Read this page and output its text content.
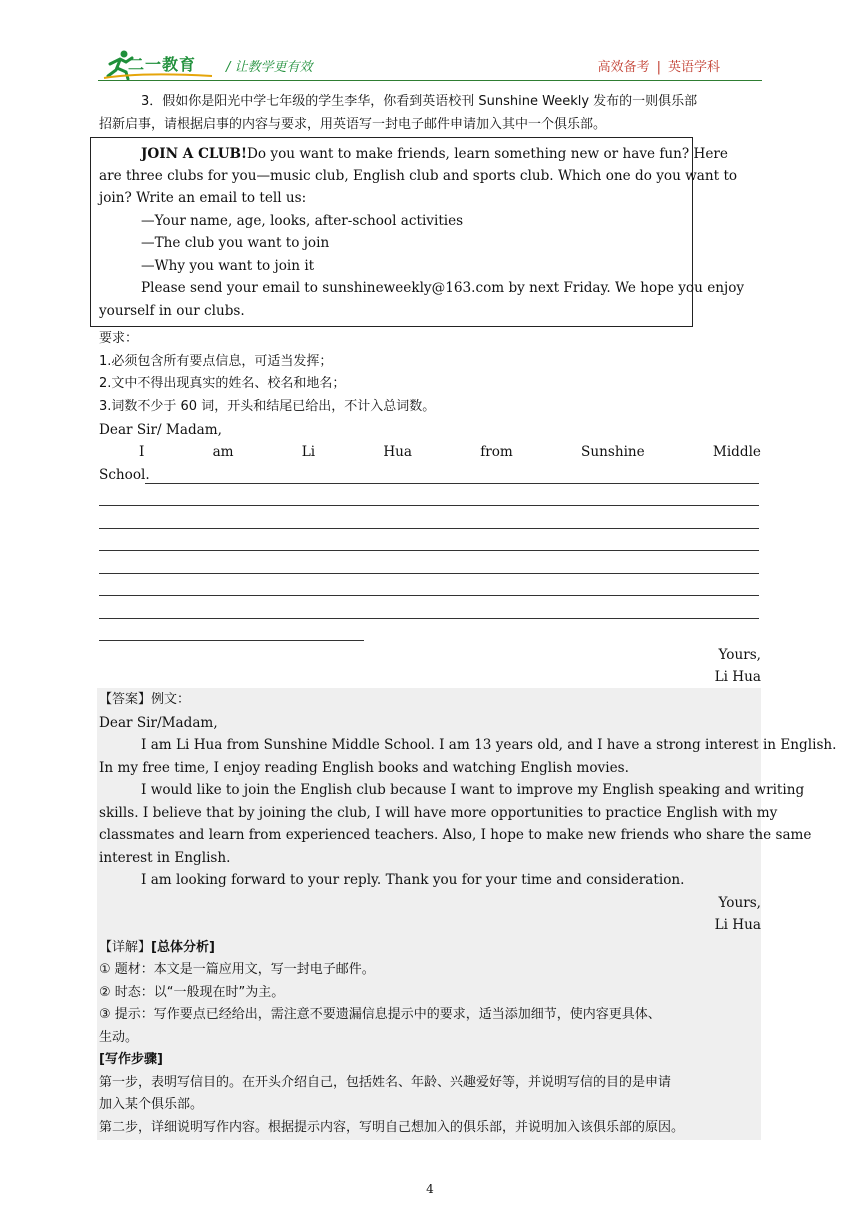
二一教育 / 让教学更有效	高效备考 | 英语学科
3．假如你是阳光中学七年级的学生李华，你看到英语校刊 Sunshine Weekly 发布的一则俱乐部
招新启事，请根据启事的内容与要求，用英语写一封电子邮件申请加入其中一个俱乐部。
JOIN A CLUB!Do you want to make friends, learn something new or have fun? Here
are three clubs for you—music club, English club and sports club. Which one do you want to
join? Write an email to tell us:
—Your name, age, looks, after-school activities
—The club you want to join
—Why you want to join it
Please send your email to sunshineweekly@163.com by next Friday. We hope you enjoy
yourself in our clubs.
要求：
1.必须包含所有要点信息，可适当发挥；
2.文中不得出现真实的姓名、校名和地名；
3.词数不少于 60 词，开头和结尾已给出，不计入总词数。
Dear Sir/ Madam,
I	am	Li	Hua	from	Sunshine	Middle
School.
Yours,
Li Hua
【答案】例文：
Dear Sir/Madam,
I am Li Hua from Sunshine Middle School. I am 13 years old, and I have a strong interest in English.
In my free time, I enjoy reading English books and watching English movies.
I would like to join the English club because I want to improve my English speaking and writing
skills. I believe that by joining the club, I will have more opportunities to practice English with my
classmates and learn from experienced teachers. Also, I hope to make new friends who share the same
interest in English.
I am looking forward to your reply. Thank you for your time and consideration.
Yours,
Li Hua
【详解】[总体分析]
① 题材：本文是一篇应用文，写一封电子邮件。
② 时态：以“一般现在时”为主。
③ 提示：写作要点已经给出，需注意不要遗漏信息提示中的要求，适当添加细节，使内容更具体、
生动。
[写作步骤]
第一步，表明写信目的。在开头介绍自己，包括姓名、年龄、兴趣爱好等，并说明写信的目的是申请
加入某个俱乐部。
第二步，详细说明写作内容。根据提示内容，写明自己想加入的俱乐部，并说明加入该俱乐部的原因。
4
